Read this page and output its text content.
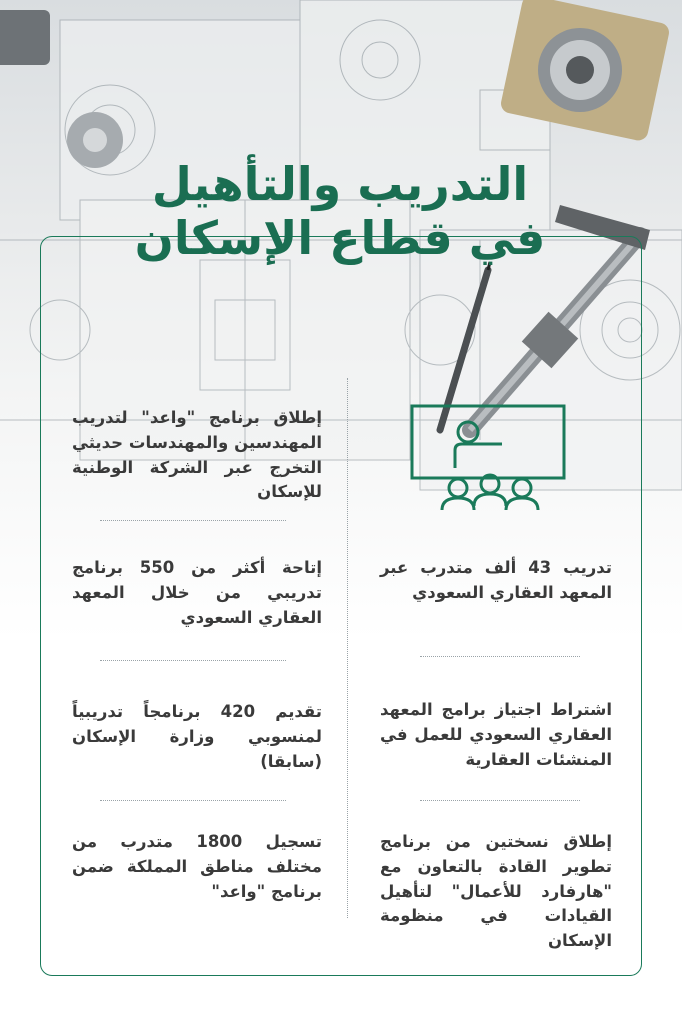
التدريب والتأهيل
في قطاع الإسكان
إطلاق برنامج "واعد" لتدريب المهندسين والمهندسات حديثي التخرج عبر الشركة الوطنية للإسكان
إتاحة أكثر من 550 برنامج تدريبي من خلال المعهد العقاري السعودي
تقديم 420 برنامجاً تدريبياً لمنسوبي وزارة الإسكان (سابقا)
تسجيل 1800 متدرب من مختلف مناطق المملكة ضمن برنامج "واعد"
تدريب 43 ألف متدرب عبر المعهد العقاري السعودي
اشتراط اجتياز برامج المعهد العقاري السعودي للعمل في المنشئات العقارية
إطلاق نسختين من برنامج تطوير القادة بالتعاون مع "هارفارد للأعمال" لتأهيل القيادات في منظومة الإسكان
